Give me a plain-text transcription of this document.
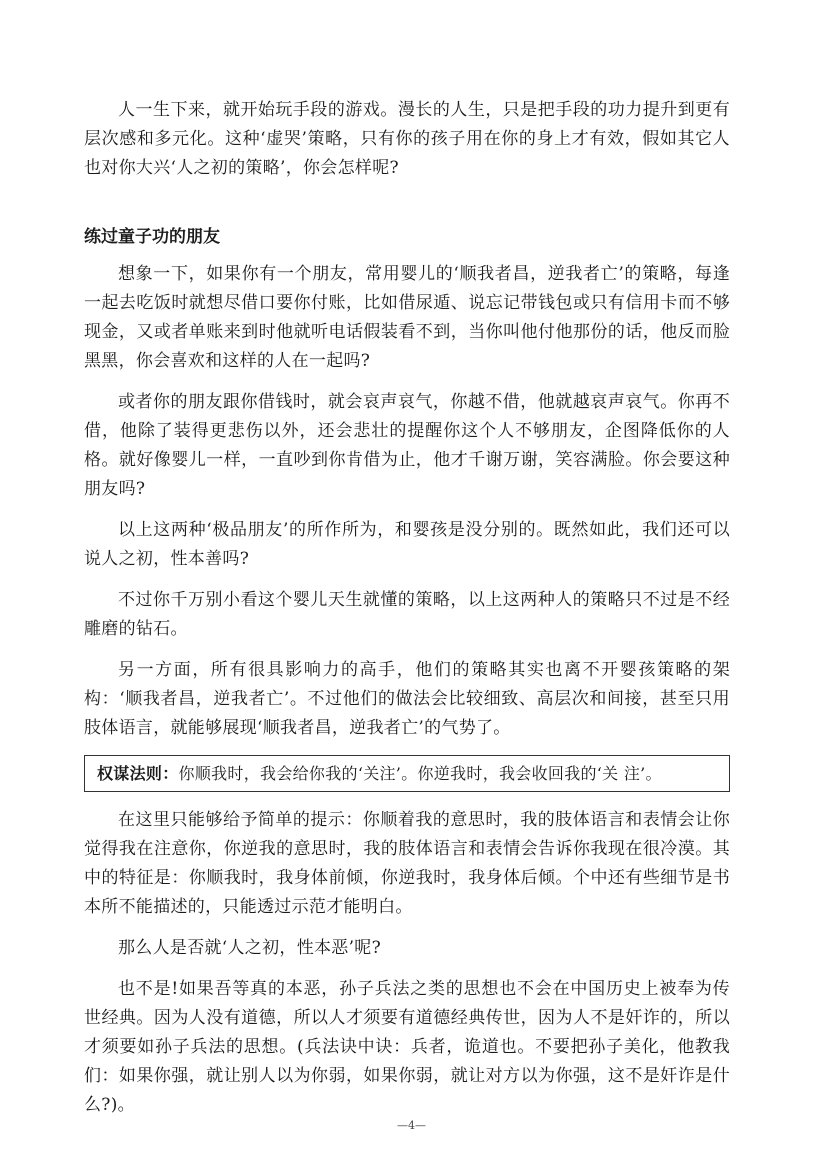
人一生下来，就开始玩手段的游戏。漫长的人生，只是把手段的功力提升到更有层次感和多元化。这种‘虚哭’策略，只有你的孩子用在你的身上才有效，假如其它人也对你大兴‘人之初的策略’，你会怎样呢?

练过童子功的朋友

想象一下，如果你有一个朋友，常用婴儿的‘顺我者昌，逆我者亡’的策略，每逢一起去吃饭时就想尽借口要你付账，比如借尿遁、说忘记带钱包或只有信用卡而不够现金，又或者单账来到时他就听电话假装看不到，当你叫他付他那份的话，他反而脸黑黑，你会喜欢和这样的人在一起吗?

或者你的朋友跟你借钱时，就会哀声哀气，你越不借，他就越哀声哀气。你再不借，他除了装得更悲伤以外，还会悲壮的提醒你这个人不够朋友，企图降低你的人格。就好像婴儿一样，一直吵到你肯借为止，他才千谢万谢，笑容满脸。你会要这种朋友吗?

以上这两种‘极品朋友’的所作所为，和婴孩是没分别的。既然如此，我们还可以说人之初，性本善吗?

不过你千万别小看这个婴儿天生就懂的策略，以上这两种人的策略只不过是不经雕磨的钻石。

另一方面，所有很具影响力的高手，他们的策略其实也离不开婴孩策略的架构：‘顺我者昌，逆我者亡’。不过他们的做法会比较细致、高层次和间接，甚至只用肢体语言，就能够展现‘顺我者昌，逆我者亡’的气势了。

权谋法则：你顺我时，我会给你我的‘关注’。你逆我时，我会收回我的‘关 注’。

在这里只能够给予简单的提示：你顺着我的意思时，我的肢体语言和表情会让你觉得我在注意你，你逆我的意思时，我的肢体语言和表情会告诉你我现在很冷漠。其中的特征是：你顺我时，我身体前倾，你逆我时，我身体后倾。个中还有些细节是书本所不能描述的，只能透过示范才能明白。

那么人是否就‘人之初，性本恶’呢?

也不是!如果吾等真的本恶，孙子兵法之类的思想也不会在中国历史上被奉为传世经典。因为人没有道德，所以人才须要有道德经典传世，因为人不是奸诈的，所以才须要如孙子兵法的思想。(兵法诀中诀：兵者，诡道也。不要把孙子美化，他教我们：如果你强，就让别人以为你弱，如果你弱，就让对方以为你强，这不是奸诈是什么?)。

—4—
